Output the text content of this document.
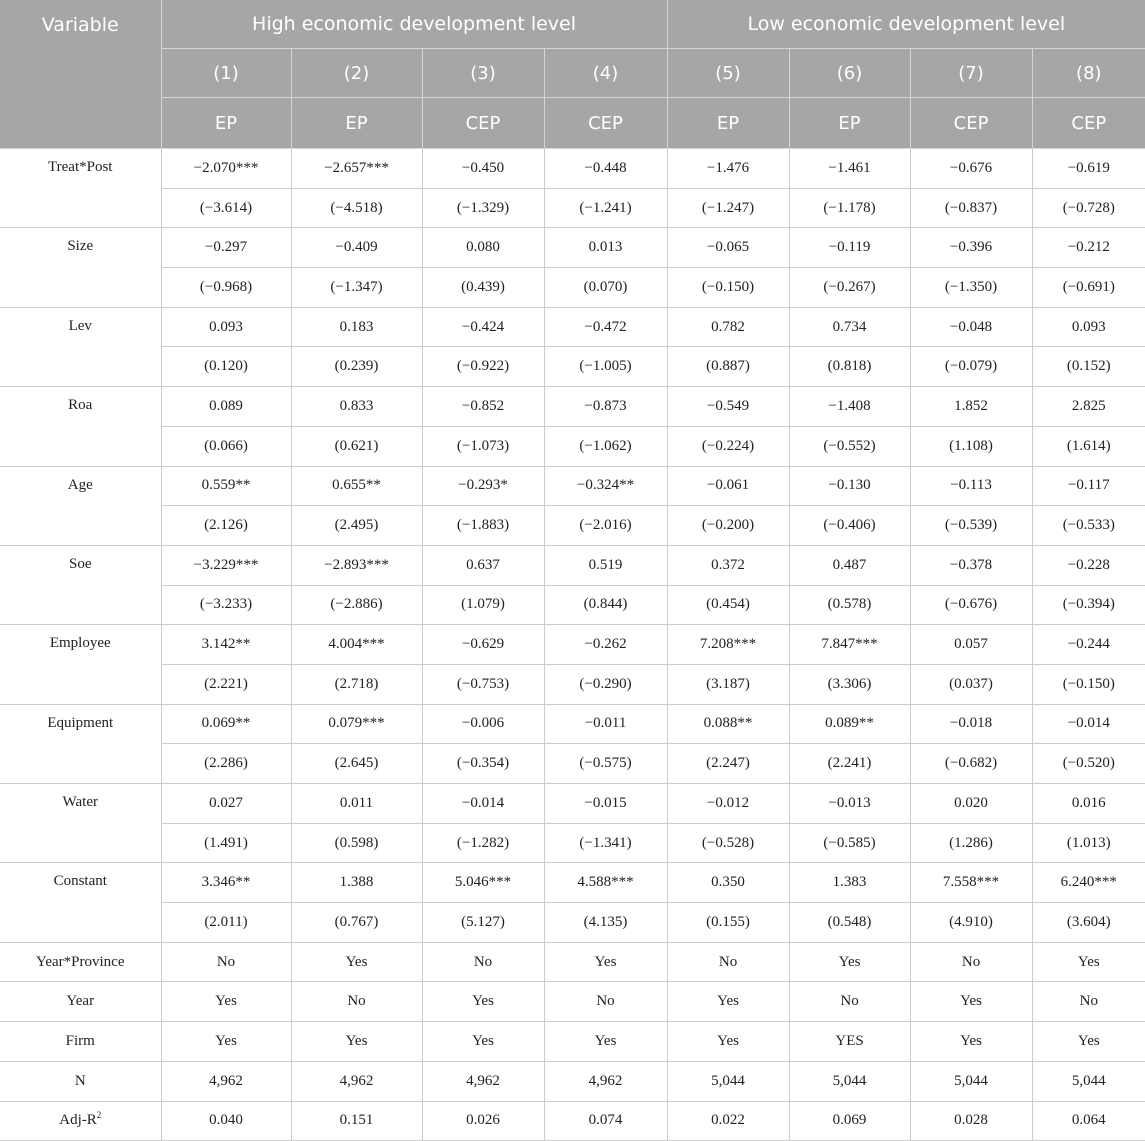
Variable	High economic development level				Low economic development level			
	(1)	(2)	(3)	(4)	(5)	(6)	(7)	(8)
	EP	EP	CEP	CEP	EP	EP	CEP	CEP
Treat*Post	−2.070***	−2.657***	−0.450	−0.448	−1.476	−1.461	−0.676	−0.619
	(−3.614)	(−4.518)	(−1.329)	(−1.241)	(−1.247)	(−1.178)	(−0.837)	(−0.728)
Size	−0.297	−0.409	0.080	0.013	−0.065	−0.119	−0.396	−0.212
	(−0.968)	(−1.347)	(0.439)	(0.070)	(−0.150)	(−0.267)	(−1.350)	(−0.691)
Lev	0.093	0.183	−0.424	−0.472	0.782	0.734	−0.048	0.093
	(0.120)	(0.239)	(−0.922)	(−1.005)	(0.887)	(0.818)	(−0.079)	(0.152)
Roa	0.089	0.833	−0.852	−0.873	−0.549	−1.408	1.852	2.825
	(0.066)	(0.621)	(−1.073)	(−1.062)	(−0.224)	(−0.552)	(1.108)	(1.614)
Age	0.559**	0.655**	−0.293*	−0.324**	−0.061	−0.130	−0.113	−0.117
	(2.126)	(2.495)	(−1.883)	(−2.016)	(−0.200)	(−0.406)	(−0.539)	(−0.533)
Soe	−3.229***	−2.893***	0.637	0.519	0.372	0.487	−0.378	−0.228
	(−3.233)	(−2.886)	(1.079)	(0.844)	(0.454)	(0.578)	(−0.676)	(−0.394)
Employee	3.142**	4.004***	−0.629	−0.262	7.208***	7.847***	0.057	−0.244
	(2.221)	(2.718)	(−0.753)	(−0.290)	(3.187)	(3.306)	(0.037)	(−0.150)
Equipment	0.069**	0.079***	−0.006	−0.011	0.088**	0.089**	−0.018	−0.014
	(2.286)	(2.645)	(−0.354)	(−0.575)	(2.247)	(2.241)	(−0.682)	(−0.520)
Water	0.027	0.011	−0.014	−0.015	−0.012	−0.013	0.020	0.016
	(1.491)	(0.598)	(−1.282)	(−1.341)	(−0.528)	(−0.585)	(1.286)	(1.013)
Constant	3.346**	1.388	5.046***	4.588***	0.350	1.383	7.558***	6.240***
	(2.011)	(0.767)	(5.127)	(4.135)	(0.155)	(0.548)	(4.910)	(3.604)
Year*Province	No	Yes	No	Yes	No	Yes	No	Yes
Year	Yes	No	Yes	No	Yes	No	Yes	No
Firm	Yes	Yes	Yes	Yes	Yes	YES	Yes	Yes
N	4,962	4,962	4,962	4,962	5,044	5,044	5,044	5,044
Adj-$R^2$	0.040	0.151	0.026	0.074	0.022	0.069	0.028	0.064
